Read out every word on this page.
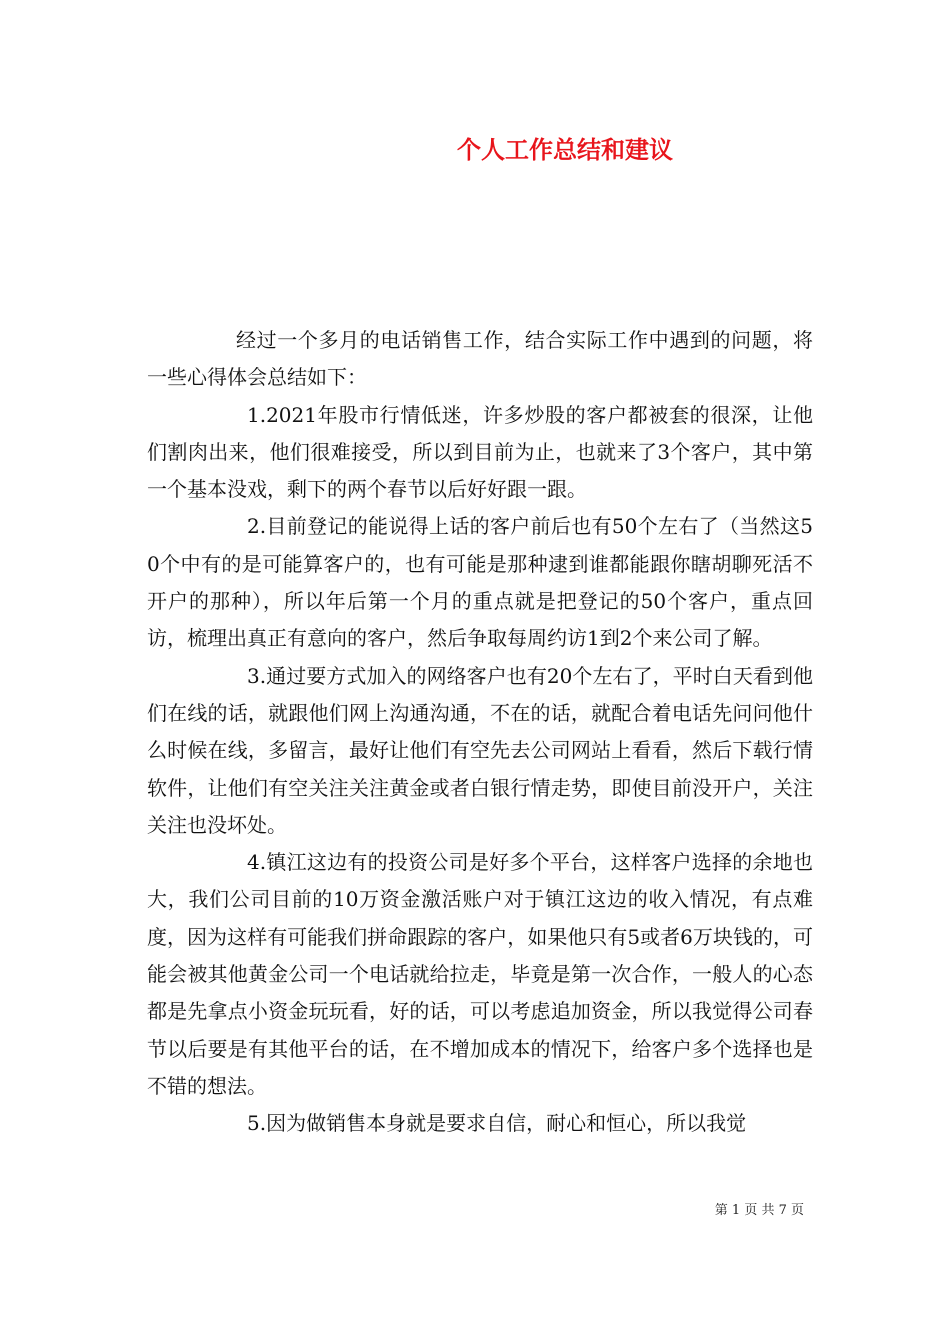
个人工作总结和建议

经过一个多月的电话销售工作，结合实际工作中遇到的问题，将一些心得体会总结如下：

1.2021年股市行情低迷，许多炒股的客户都被套的很深，让他们割肉出来，他们很难接受，所以到目前为止，也就来了3个客户，其中第一个基本没戏，剩下的两个春节以后好好跟一跟。

2.目前登记的能说得上话的客户前后也有50个左右了（当然这50个中有的是可能算客户的，也有可能是那种逮到谁都能跟你瞎胡聊死活不开户的那种），所以年后第一个月的重点就是把登记的50个客户，重点回访，梳理出真正有意向的客户，然后争取每周约访1到2个来公司了解。

3.通过要方式加入的网络客户也有20个左右了，平时白天看到他们在线的话，就跟他们网上沟通沟通，不在的话，就配合着电话先问问他什么时候在线，多留言，最好让他们有空先去公司网站上看看，然后下载行情软件，让他们有空关注关注黄金或者白银行情走势，即使目前没开户，关注关注也没坏处。

4.镇江这边有的投资公司是好多个平台，这样客户选择的余地也大，我们公司目前的10万资金激活账户对于镇江这边的收入情况，有点难度，因为这样有可能我们拼命跟踪的客户，如果他只有5或者6万块钱的，可能会被其他黄金公司一个电话就给拉走，毕竟是第一次合作，一般人的心态都是先拿点小资金玩玩看，好的话，可以考虑追加资金，所以我觉得公司春节以后要是有其他平台的话，在不增加成本的情况下，给客户多个选择也是不错的想法。

5.因为做销售本身就是要求自信，耐心和恒心，所以我觉

第 1 页 共 7 页
